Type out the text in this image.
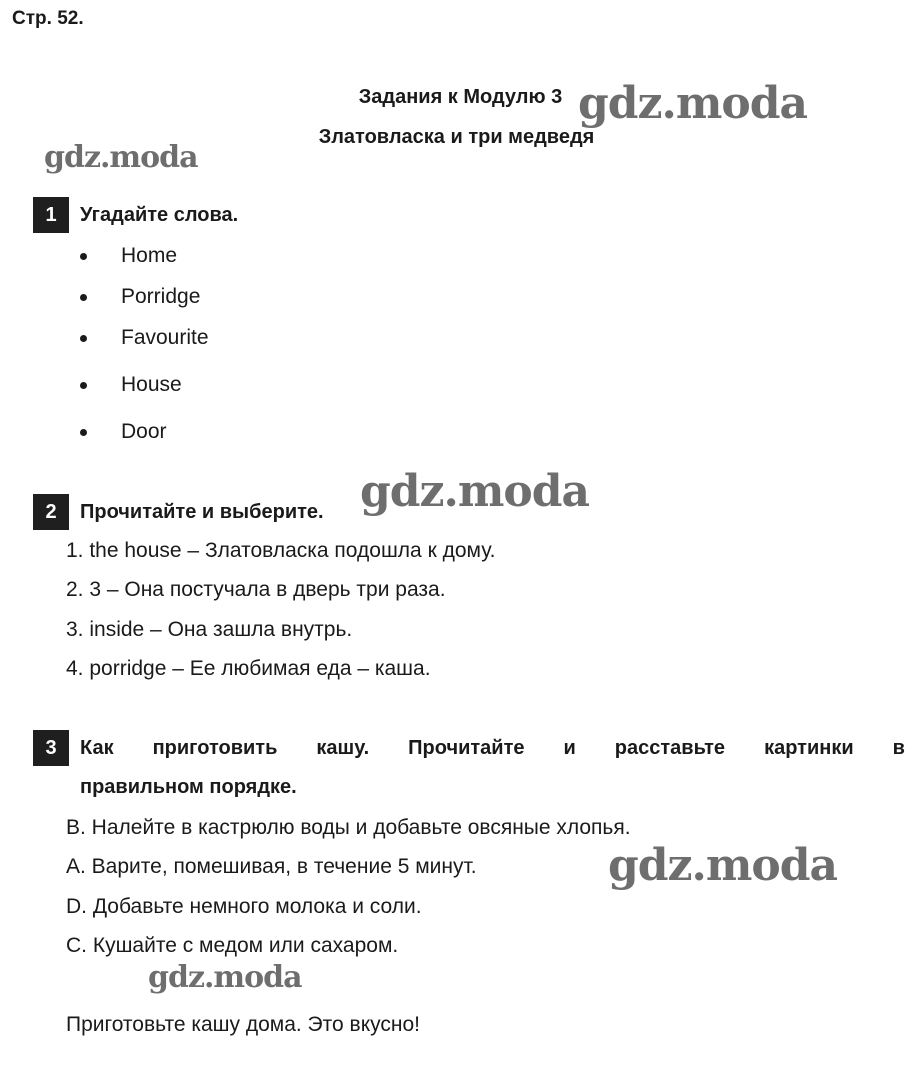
Стр. 52.
Задания к Модулю 3
Златовласка и три медведя
gdz.moda
gdz.moda
gdz.moda
gdz.moda
gdz.moda
1	Угадайте слова.
Home
Porridge
Favourite
House
Door
2	Прочитайте и выберите.
1. the house – Златовласка подошла к дому.
2. 3 – Она постучала в дверь три раза.
3. inside – Она зашла внутрь.
4. porridge – Ее любимая еда – каша.
3	Как приготовить кашу. Прочитайте и расставьте картинки в
правильном порядке.
B. Налейте в кастрюлю воды и добавьте овсяные хлопья.
A. Варите, помешивая, в течение 5 минут.
D. Добавьте немного молока и соли.
C. Кушайте с медом или сахаром.
Приготовьте кашу дома. Это вкусно!
